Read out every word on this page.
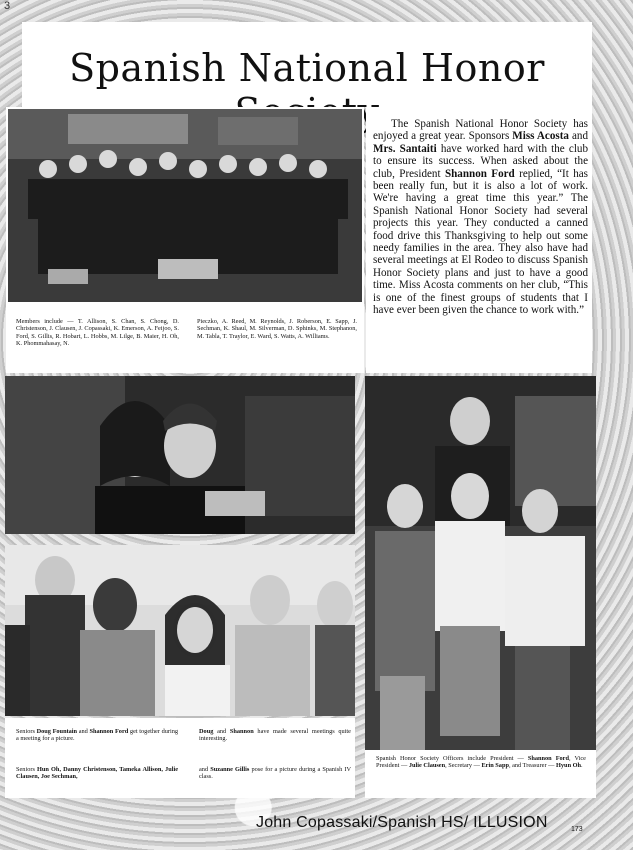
3
Spanish National Honor

Members include — T. Allison, S. Chan, S. Chong, D. Christenson, J. Clausen, J. Copassaki, K. Emerson, A. Feijoo, S. Ford, S. Gillis, R. Hobart, L. Hobbs, M. Lilge, B. Maier, H. Oh, K. Phommahasay, N.

Pieczko, A. Reed, M. Reynolds, J. Roberson, E. Sapp, J. Sechman, K. Shaul, M. Silverman, D. Sphinks, M. Stephanon, M. Tabla, T. Traylor, E. Ward, S. Watts, A. Williams.

The Spanish National Honor Society has enjoyed a great year. Sponsors Miss Acosta and Mrs. Santaiti have worked hard with the club to ensure its success. When asked about the club, President Shannon Ford replied, “It has been really fun, but it is also a lot of work. We're having a great time this year.” The Spanish National Honor Society had several projects this year. They conducted a canned food drive this Thanksgiving to help out some needy families in the area. They also have had several meetings at El Rodeo to discuss Spanish Honor Society plans and just to have a good time. Miss Acosta comments on her club, “This is one of the finest groups of students that I have ever been given the chance to work with.”

Seniors Doug Fountain and Shannon Ford get together during a meeting for a picture.

Doug and Shannon have made several meetings quite interesting.

Seniors Hun Oh, Danny Christenson, Tameka Allison, Julie Clausen, Joe Sechman,

and Suzanne Gillis pose for a picture during a Spanish IV class.

Spanish Honor Society Officers include President — Shannon Ford, Vice President — Julie Clausen, Secretary — Erin Sapp, and Treasurer — Hyun Oh.

John Copassaki/Spanish HS/ ILLUSION	173
